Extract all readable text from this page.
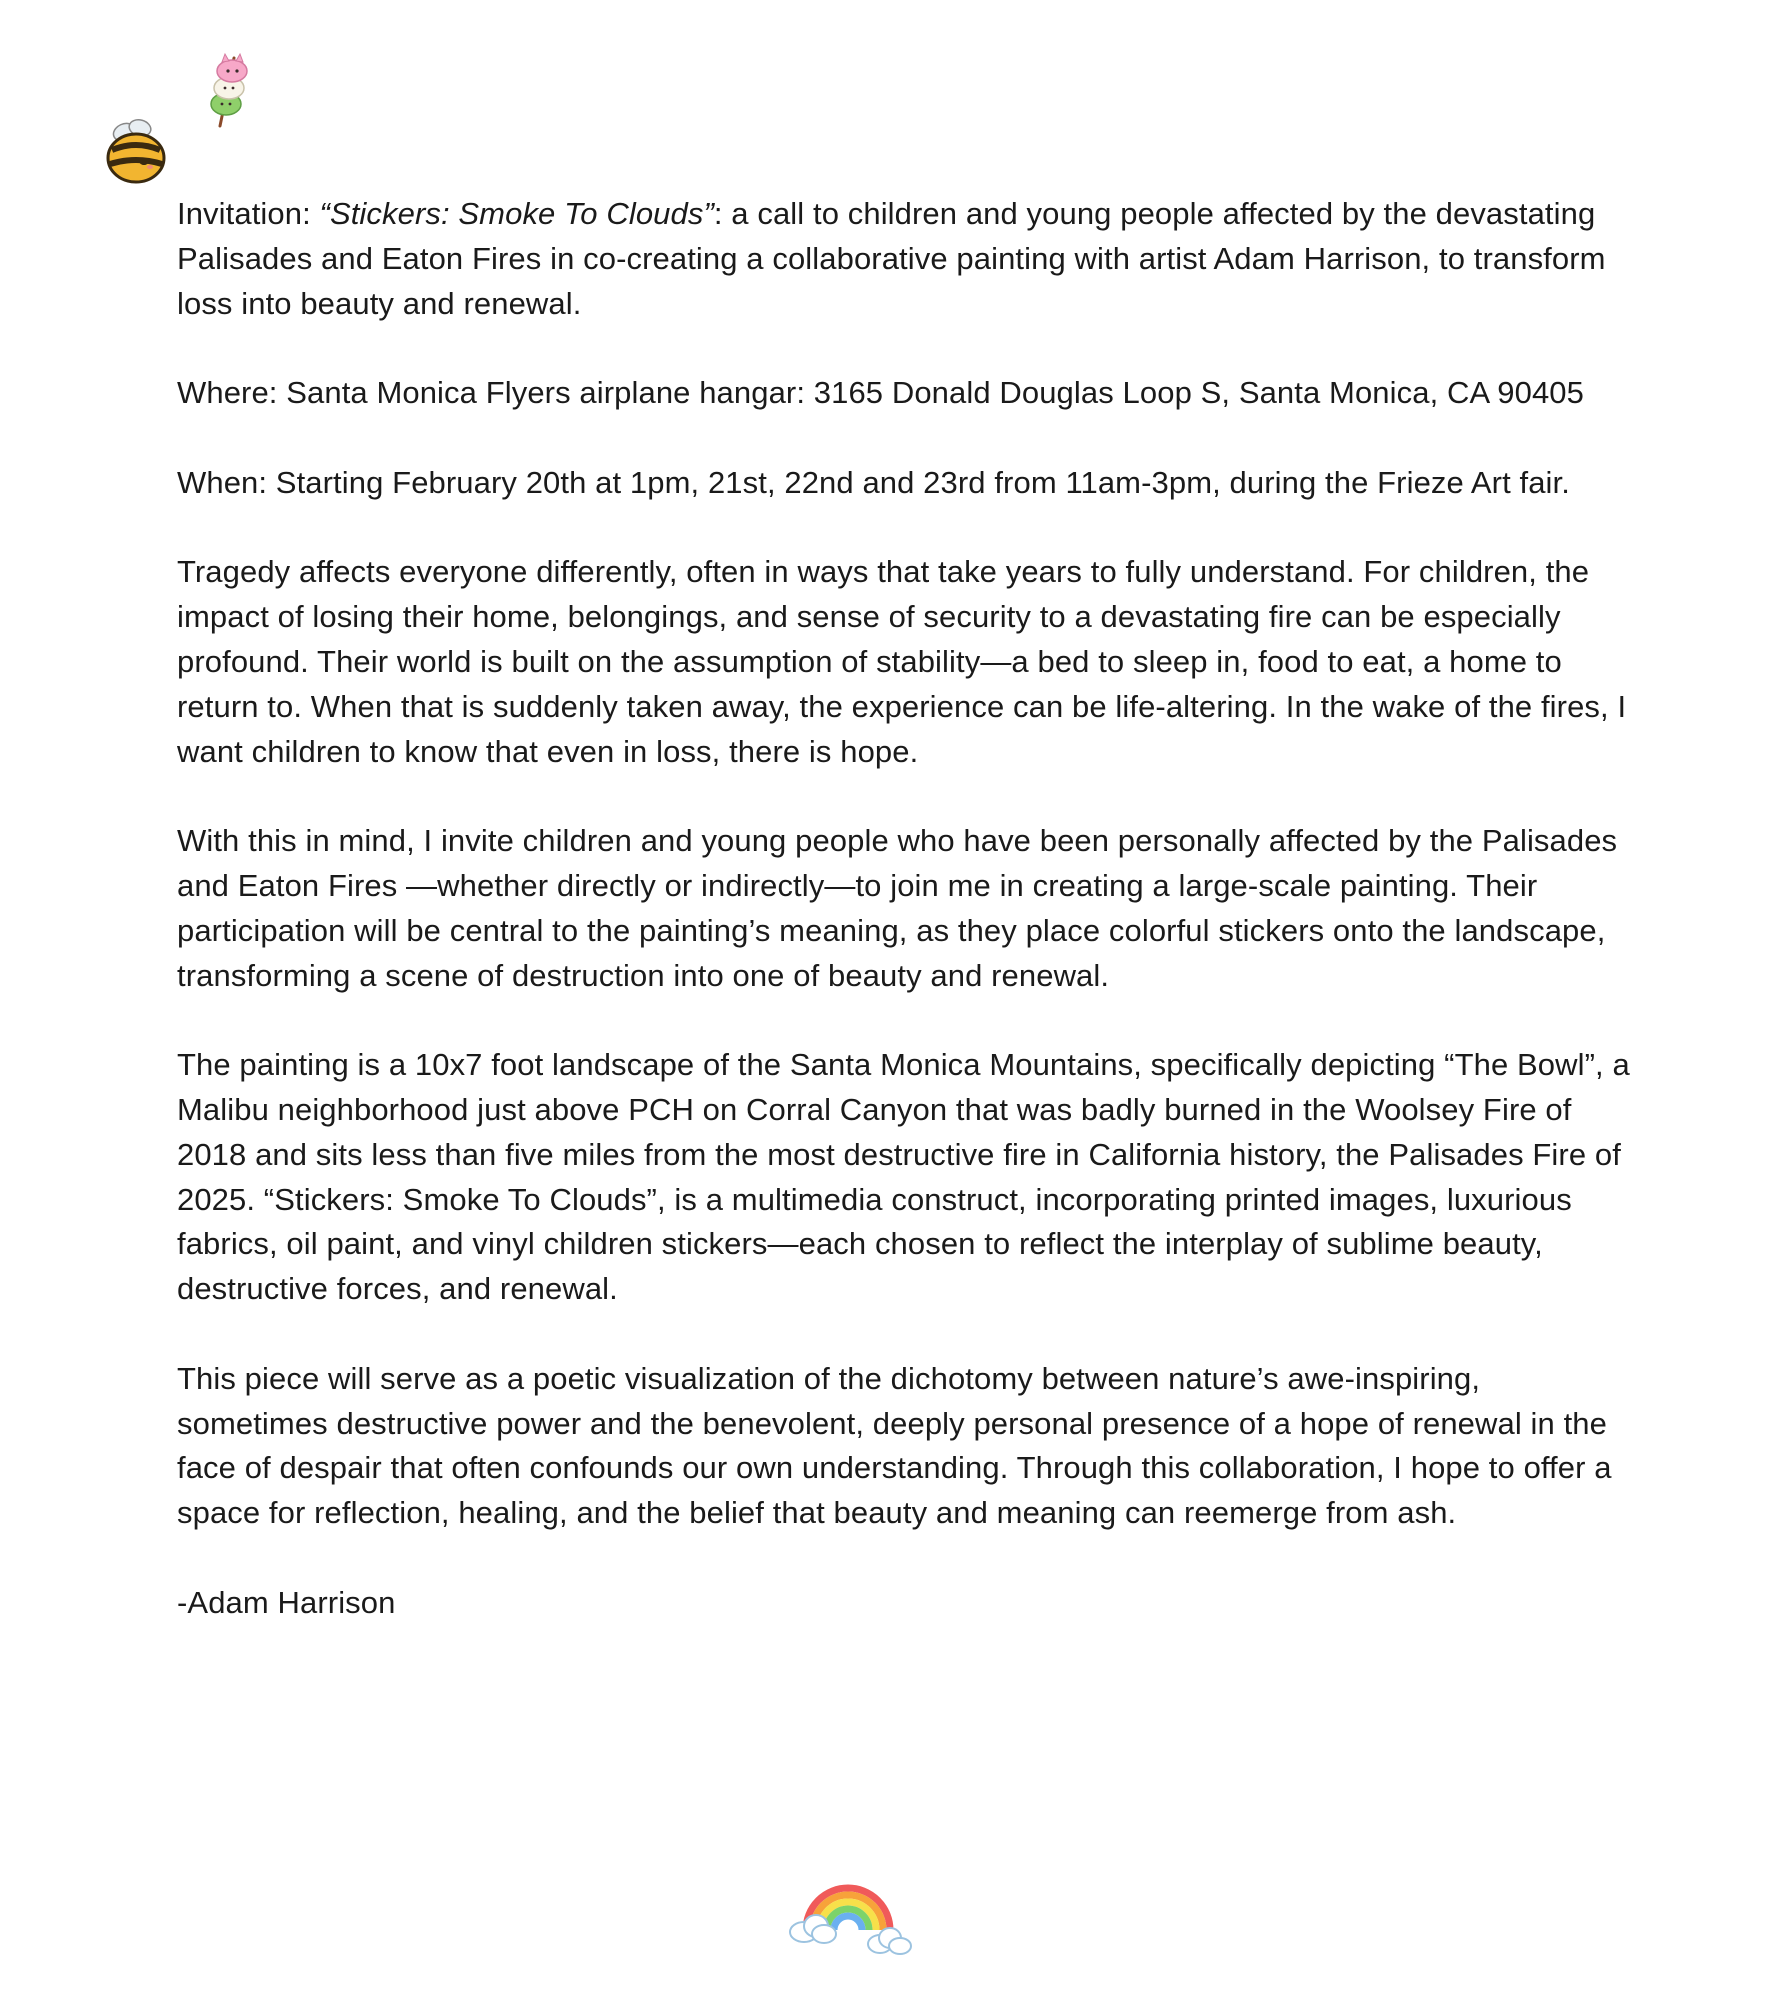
Invitation: “Stickers: Smoke To Clouds”: a call to children and young people affected by the devastating Palisades and Eaton Fires in co-creating a collaborative painting with artist Adam Harrison, to transform loss into beauty and renewal.

Where: Santa Monica Flyers airplane hangar: 3165 Donald Douglas Loop S, Santa Monica, CA 90405

When: Starting February 20th at 1pm, 21st, 22nd and 23rd from 11am-3pm, during the Frieze Art fair.

Tragedy affects everyone differently, often in ways that take years to fully understand. For children, the impact of losing their home, belongings, and sense of security to a devastating fire can be especially profound. Their world is built on the assumption of stability—a bed to sleep in, food to eat, a home to return to. When that is suddenly taken away, the experience can be life-altering. In the wake of the fires, I want children to know that even in loss, there is hope.

With this in mind, I invite children and young people who have been personally affected by the Palisades and Eaton Fires —whether directly or indirectly—to join me in creating a large-scale painting. Their participation will be central to the painting’s meaning, as they place colorful stickers onto the landscape, transforming a scene of destruction into one of beauty and renewal.

The painting is a 10x7 foot landscape of the Santa Monica Mountains, specifically depicting “The Bowl”, a Malibu neighborhood just above PCH on Corral Canyon that was badly burned in the Woolsey Fire of 2018 and sits less than five miles from the most destructive fire in California history, the Palisades Fire of 2025. “Stickers: Smoke To Clouds”, is a multimedia construct, incorporating printed images, luxurious fabrics, oil paint, and vinyl children stickers—each chosen to reflect the interplay of sublime beauty, destructive forces, and renewal.

This piece will serve as a poetic visualization of the dichotomy between nature’s awe-inspiring, sometimes destructive power and the benevolent, deeply personal presence of a hope of renewal in the face of despair that often confounds our own understanding. Through this collaboration, I hope to offer a space for reflection, healing, and the belief that beauty and meaning can reemerge from ash.

-Adam Harrison
